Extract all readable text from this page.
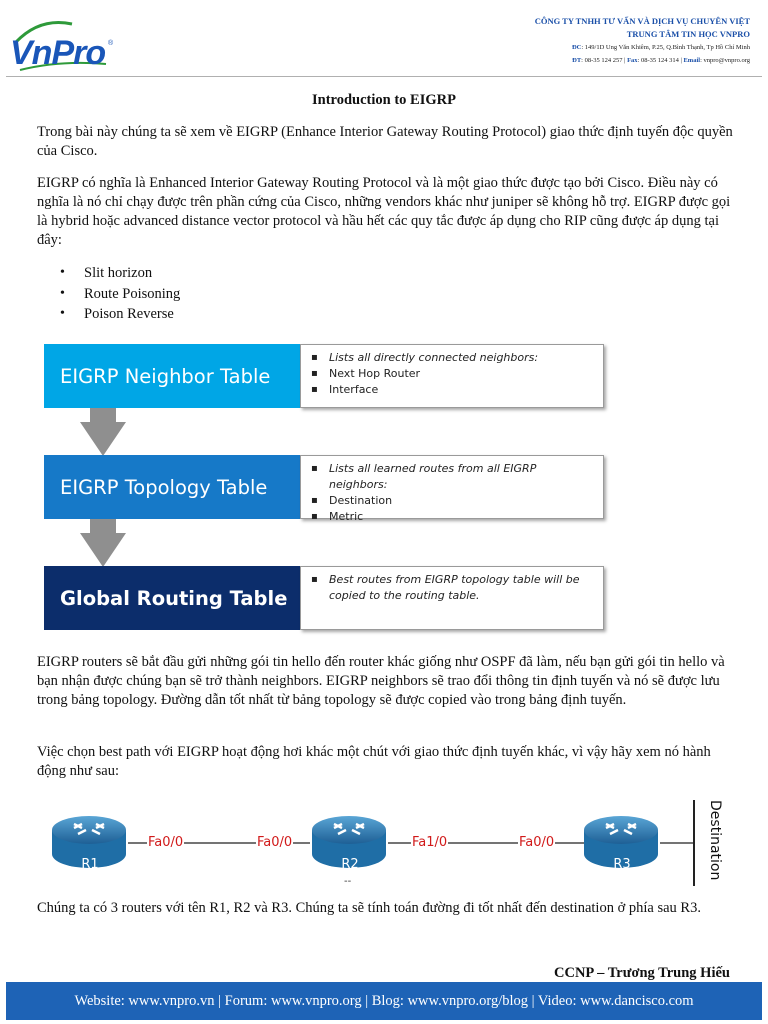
VnPro ®
CÔNG TY TNHH TƯ VẤN VÀ DỊCH VỤ CHUYÊN VIỆT
TRUNG TÂM TIN HỌC VNPRO
ĐC: 149/1D Ung Văn Khiêm, P.25, Q.Bình Thạnh, Tp Hồ Chí Minh
ĐT: 08-35 124 257 | Fax: 08-35 124 314 | Email: vnpro@vnpro.org
Introduction to EIGRP

Trong bài này chúng ta sẽ xem về EIGRP (Enhance Interior Gateway Routing Protocol) giao thức định tuyến độc quyền của Cisco.

EIGRP có nghĩa là Enhanced Interior Gateway Routing Protocol và là một giao thức được tạo bởi Cisco. Điều này có nghĩa là nó chỉ chạy được trên phần cứng của Cisco, những vendors khác như juniper sẽ không hỗ trợ. EIGRP được gọi là hybrid hoặc advanced distance vector protocol và hầu hết các quy tắc được áp dụng cho RIP cũng được áp dụng tại đây:

• Slit horizon
• Route Poisoning
• Poison Reverse
EIGRP Neighbor Table
▪ Lists all directly connected neighbors:
▪ Next Hop Router
▪ Interface
EIGRP Topology Table
▪ Lists all learned routes from all EIGRP neighbors:
▪ Destination
▪ Metric
Global Routing Table
▪ Best routes from EIGRP topology table will be copied to the routing table.

EIGRP routers sẽ bắt đầu gửi những gói tin hello đến router khác giống như OSPF đã làm, nếu bạn gửi gói tin hello và bạn nhận được chúng bạn sẽ trở thành neighbors. EIGRP neighbors sẽ trao đổi thông tin định tuyến và nó sẽ được lưu trong bảng topology. Đường dẫn tốt nhất từ bảng topology sẽ được copied vào trong bảng định tuyến.

Việc chọn best path với EIGRP hoạt động hơi khác một chút với giao thức định tuyến khác, vì vậy hãy xem nó hành động như sau:

R1	R2	R3
--
Fa0/0	Fa0/0	Fa1/0	Fa0/0	Destination

Chúng ta có 3 routers với tên R1, R2 và R3. Chúng ta sẽ tính toán đường đi tốt nhất đến destination ở phía sau R3.

CCNP – Trương Trung Hiếu
Website: www.vnpro.vn | Forum: www.vnpro.org | Blog: www.vnpro.org/blog | Video: www.dancisco.com
